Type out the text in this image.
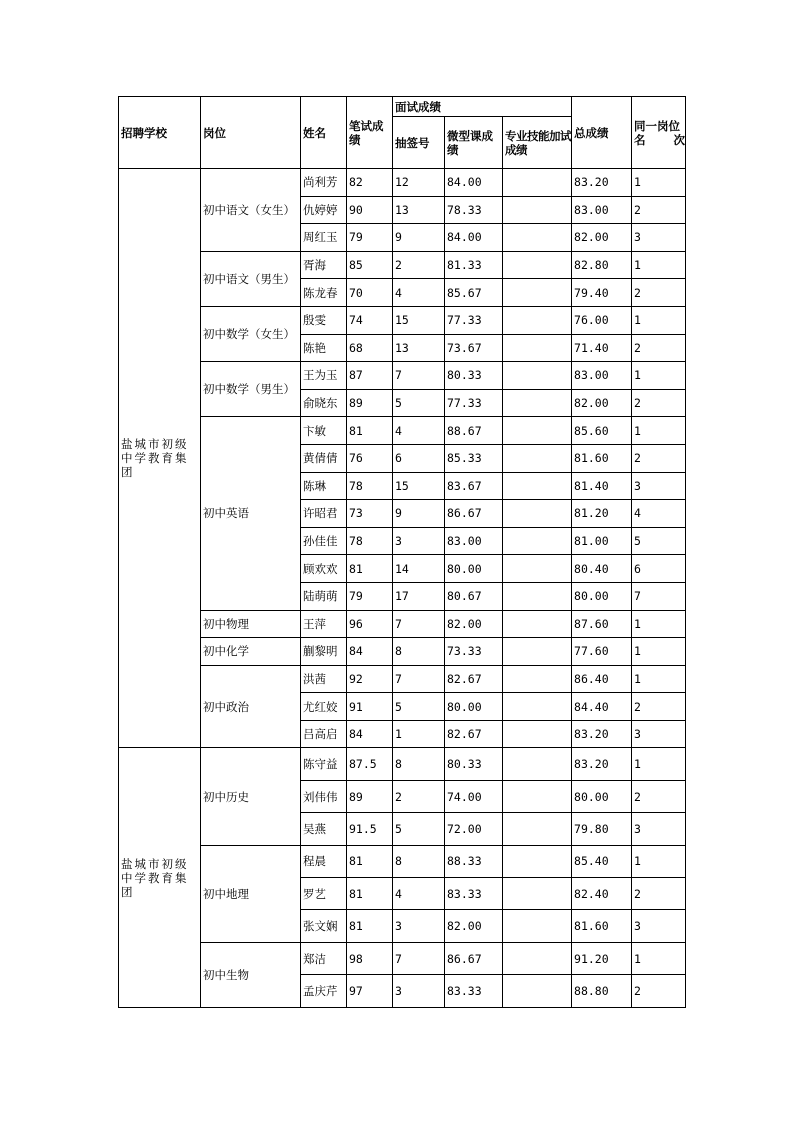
招聘学校	岗位	姓名	笔试成绩	面试成绩			总成绩	同一岗位名次
				抽签号	微型课成绩	专业技能加试成绩		
盐城市初级中学教育集团	初中语文（女生）	尚利芳	82	12	84.00		83.20	1
		仇婷婷	90	13	78.33		83.00	2
		周红玉	79	9	84.00		82.00	3
	初中语文（男生）	胥海	85	2	81.33		82.80	1
		陈龙春	70	4	85.67		79.40	2
	初中数学（女生）	殷雯	74	15	77.33		76.00	1
		陈艳	68	13	73.67		71.40	2
	初中数学（男生）	王为玉	87	7	80.33		83.00	1
		俞晓东	89	5	77.33		82.00	2
	初中英语	卞敏	81	4	88.67		85.60	1
		黄倩倩	76	6	85.33		81.60	2
		陈琳	78	15	83.67		81.40	3
		许昭君	73	9	86.67		81.20	4
		孙佳佳	78	3	83.00		81.00	5
		顾欢欢	81	14	80.00		80.40	6
		陆萌萌	79	17	80.67		80.00	7
	初中物理	王萍	96	7	82.00		87.60	1
	初中化学	蒯黎明	84	8	73.33		77.60	1
	初中政治	洪茜	92	7	82.67		86.40	1
		尤红姣	91	5	80.00		84.40	2
		吕高启	84	1	82.67		83.20	3
盐城市初级中学教育集团	初中历史	陈守益	87.5	8	80.33		83.20	1
		刘伟伟	89	2	74.00		80.00	2
		吴燕	91.5	5	72.00		79.80	3
	初中地理	程晨	81	8	88.33		85.40	1
		罗艺	81	4	83.33		82.40	2
		张文娴	81	3	82.00		81.60	3
	初中生物	郑洁	98	7	86.67		91.20	1
		孟庆芹	97	3	83.33		88.80	2
